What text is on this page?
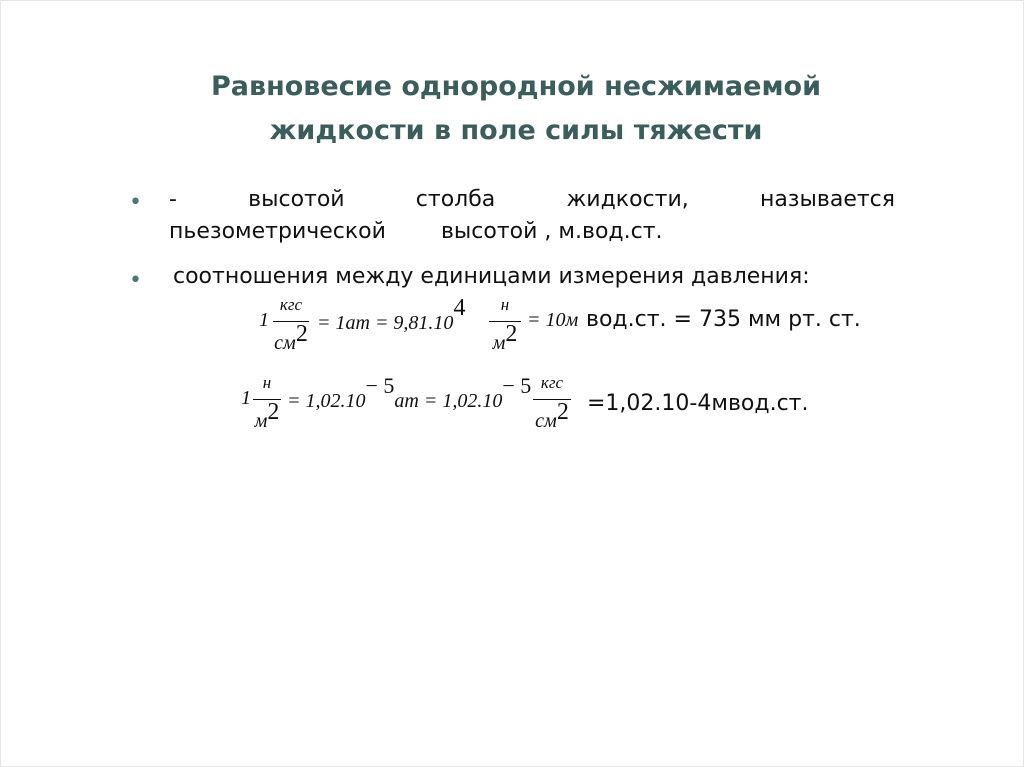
Равновесие однородной несжимаемой
жидкости в поле силы тяжести
• -	высотой	столба	жидкости,	называется
пьезометрической	высотой , м.вод.ст.
• соотношения между единицами измерения давления:
1
кгс
см2 = 1ат = 9,81.104	н
м2
= 10м вод.ст. = 735 мм рт. ст.
1
н
м2 = 1,02.10− 5ат = 1,02.10− 5 кгс
см2 =1,02.10-4мвод.ст.
